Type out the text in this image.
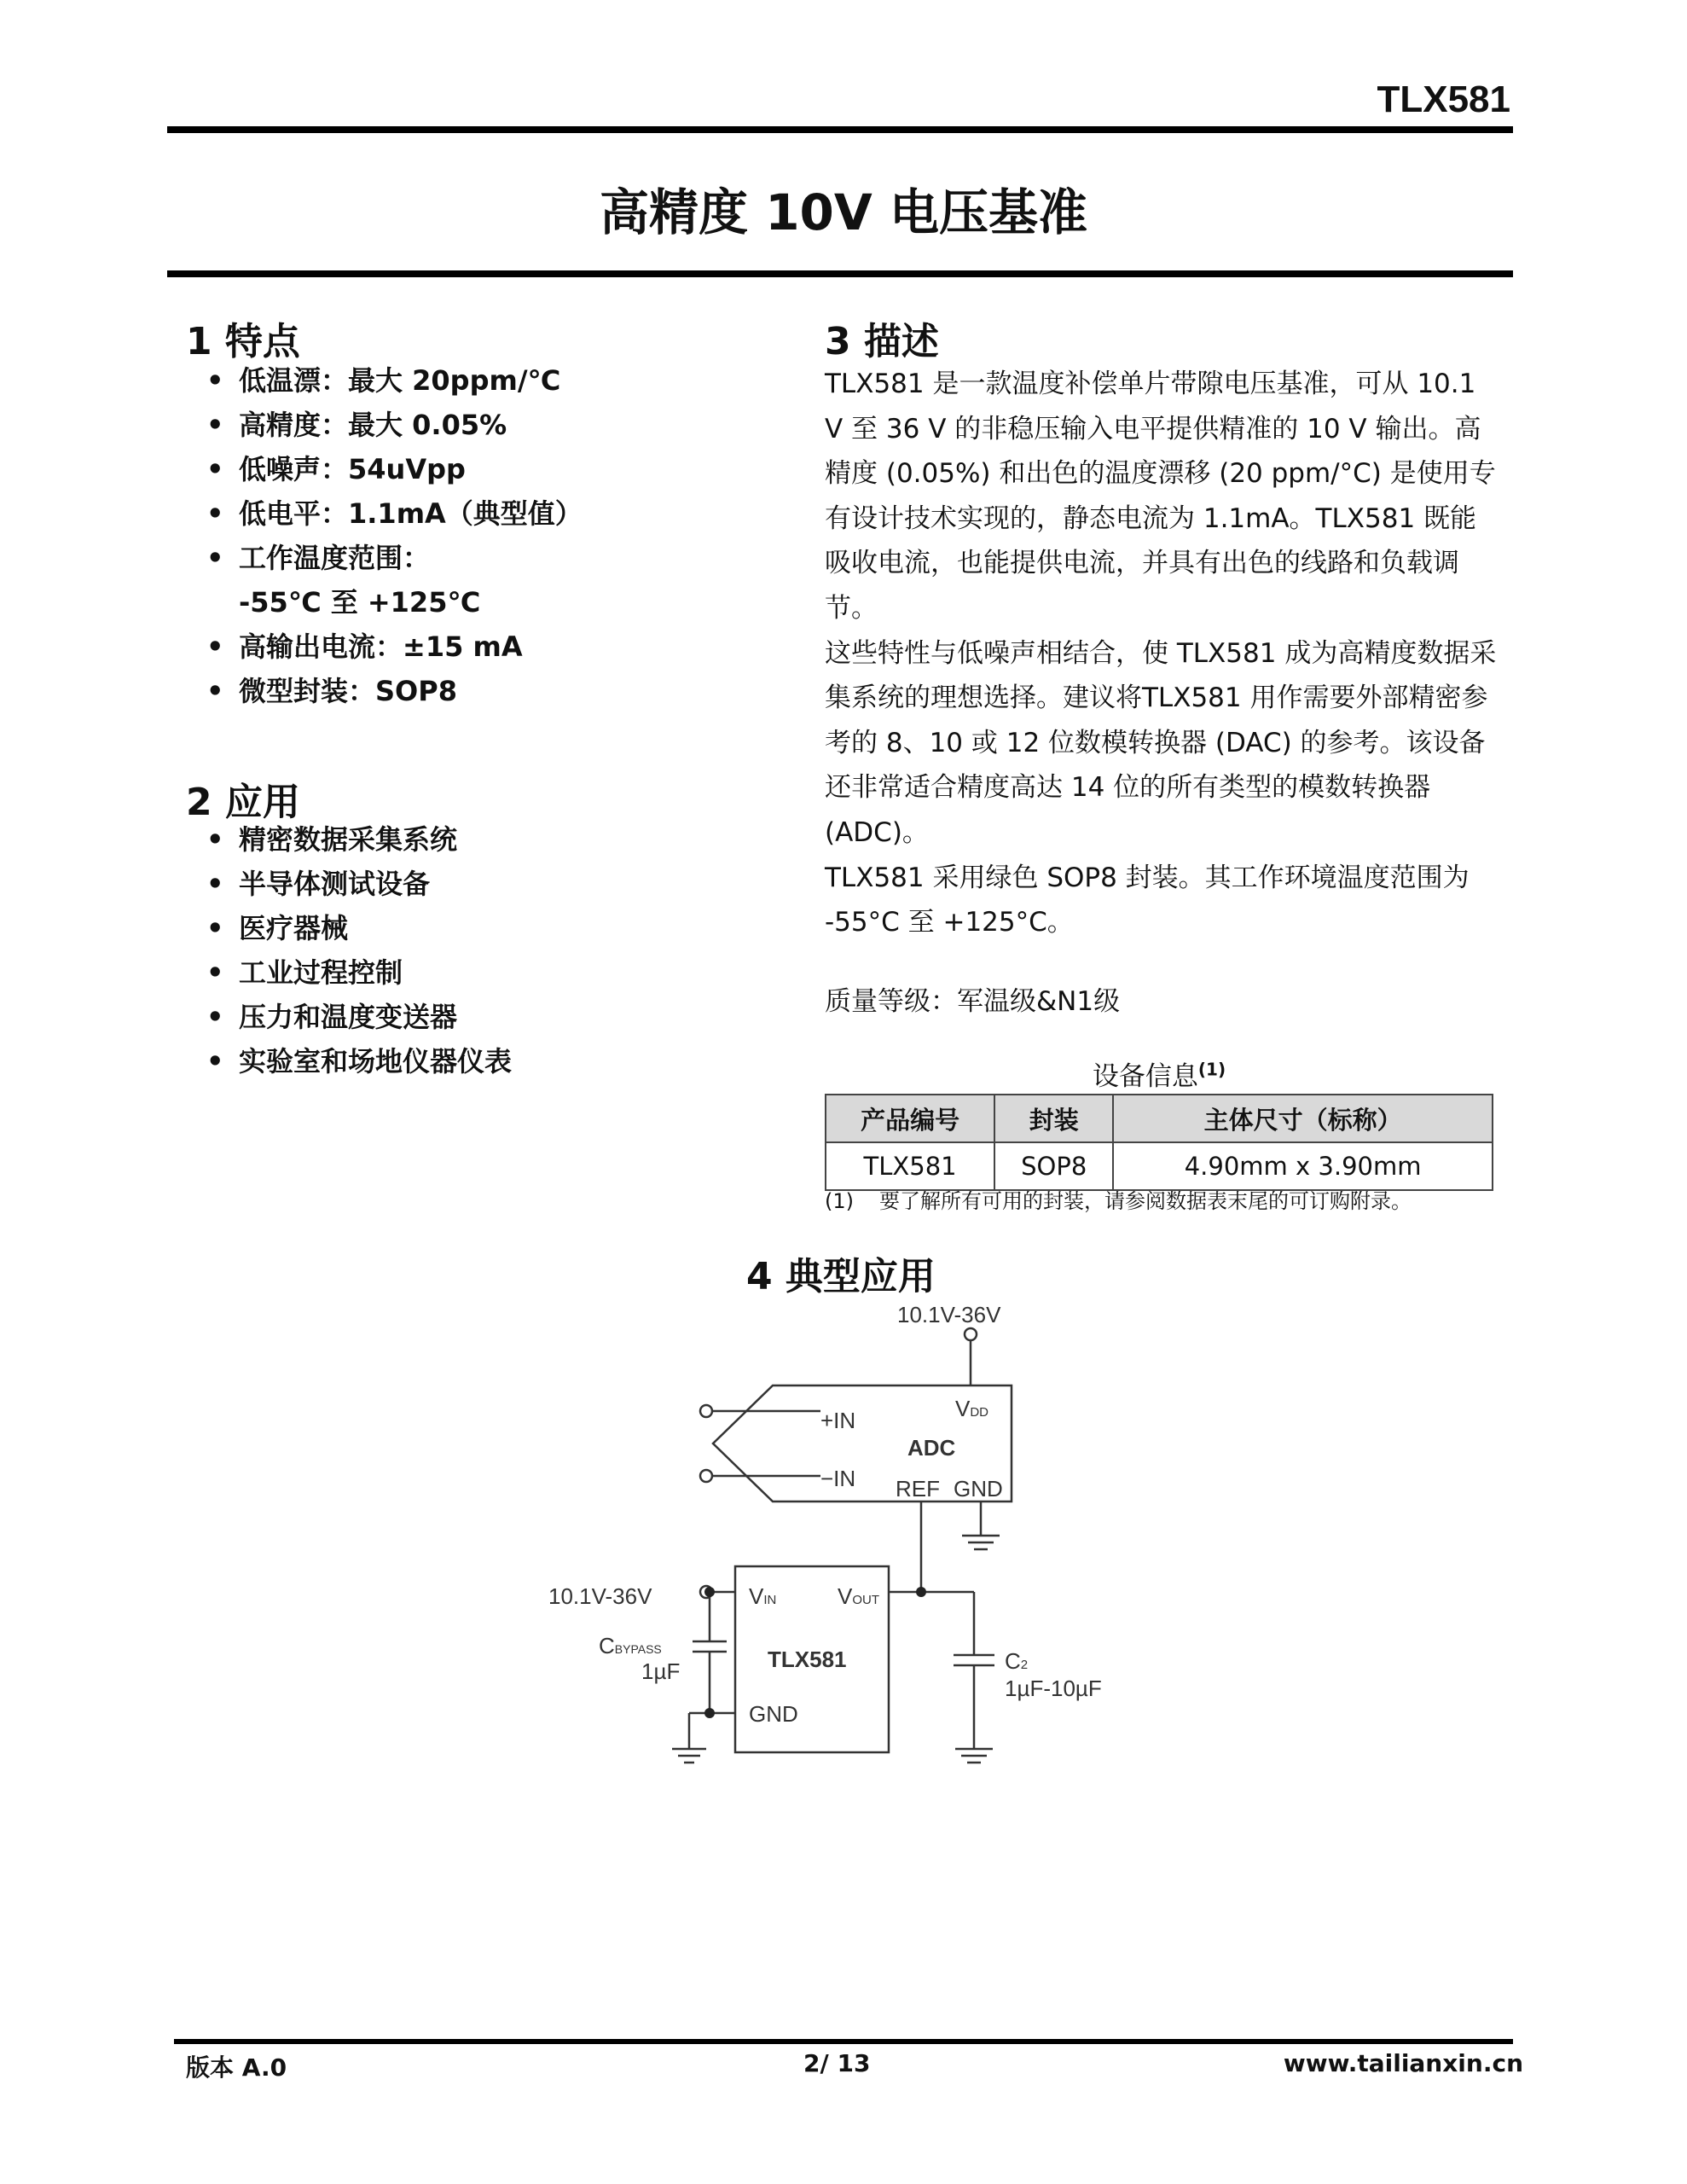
TLX581
高精度 10V 电压基准
1 特点
• 低温漂：最大 20ppm/℃
• 高精度：最大 0.05%
• 低噪声：54uVpp
• 低电平：1.1mA（典型值）
• 工作温度范围：
-55℃ 至 +125℃
• 高输出电流：±15 mA
• 微型封装：SOP8
2 应用
• 精密数据采集系统
• 半导体测试设备
• 医疗器械
• 工业过程控制
• 压力和温度变送器
• 实验室和场地仪器仪表
3 描述

TLX581 是一款温度补偿单片带隙电压基准，可从 10.1 V 至 36 V 的非稳压输入电平提供精准的 10 V 输出。高精度 (0.05%) 和出色的温度漂移 (20 ppm/°C) 是使用专有设计技术实现的，静态电流为 1.1mA。TLX581 既能吸收电流，也能提供电流，并具有出色的线路和负载调节。

这些特性与低噪声相结合，使 TLX581 成为高精度数据采集系统的理想选择。建议将TLX581 用作需要外部精密参考的 8、10 或 12 位数模转换器 (DAC) 的参考。该设备还非常适合精度高达 14 位的所有类型的模数转换器 (ADC)。

TLX581 采用绿色 SOP8 封装。其工作环境温度范围为 -55°C 至 +125°C。

质量等级：军温级&N1级
设备信息$^{(1)}$
产品编号	封装	主体尺寸（标称）
TLX581	SOP8	4.90mm x 3.90mm
(1) 要了解所有可用的封装，请参阅数据表末尾的可订购附录。
4 典型应用
10.1V-36V
+IN
−IN
ADC
VDD
REF GND
VIN	VOUT
TLX581
GND
10.1V-36V
CBYPASS
1µF	C2
1µF-10µF
版本 A.0	2/ 13	www.tailianxin.cn
